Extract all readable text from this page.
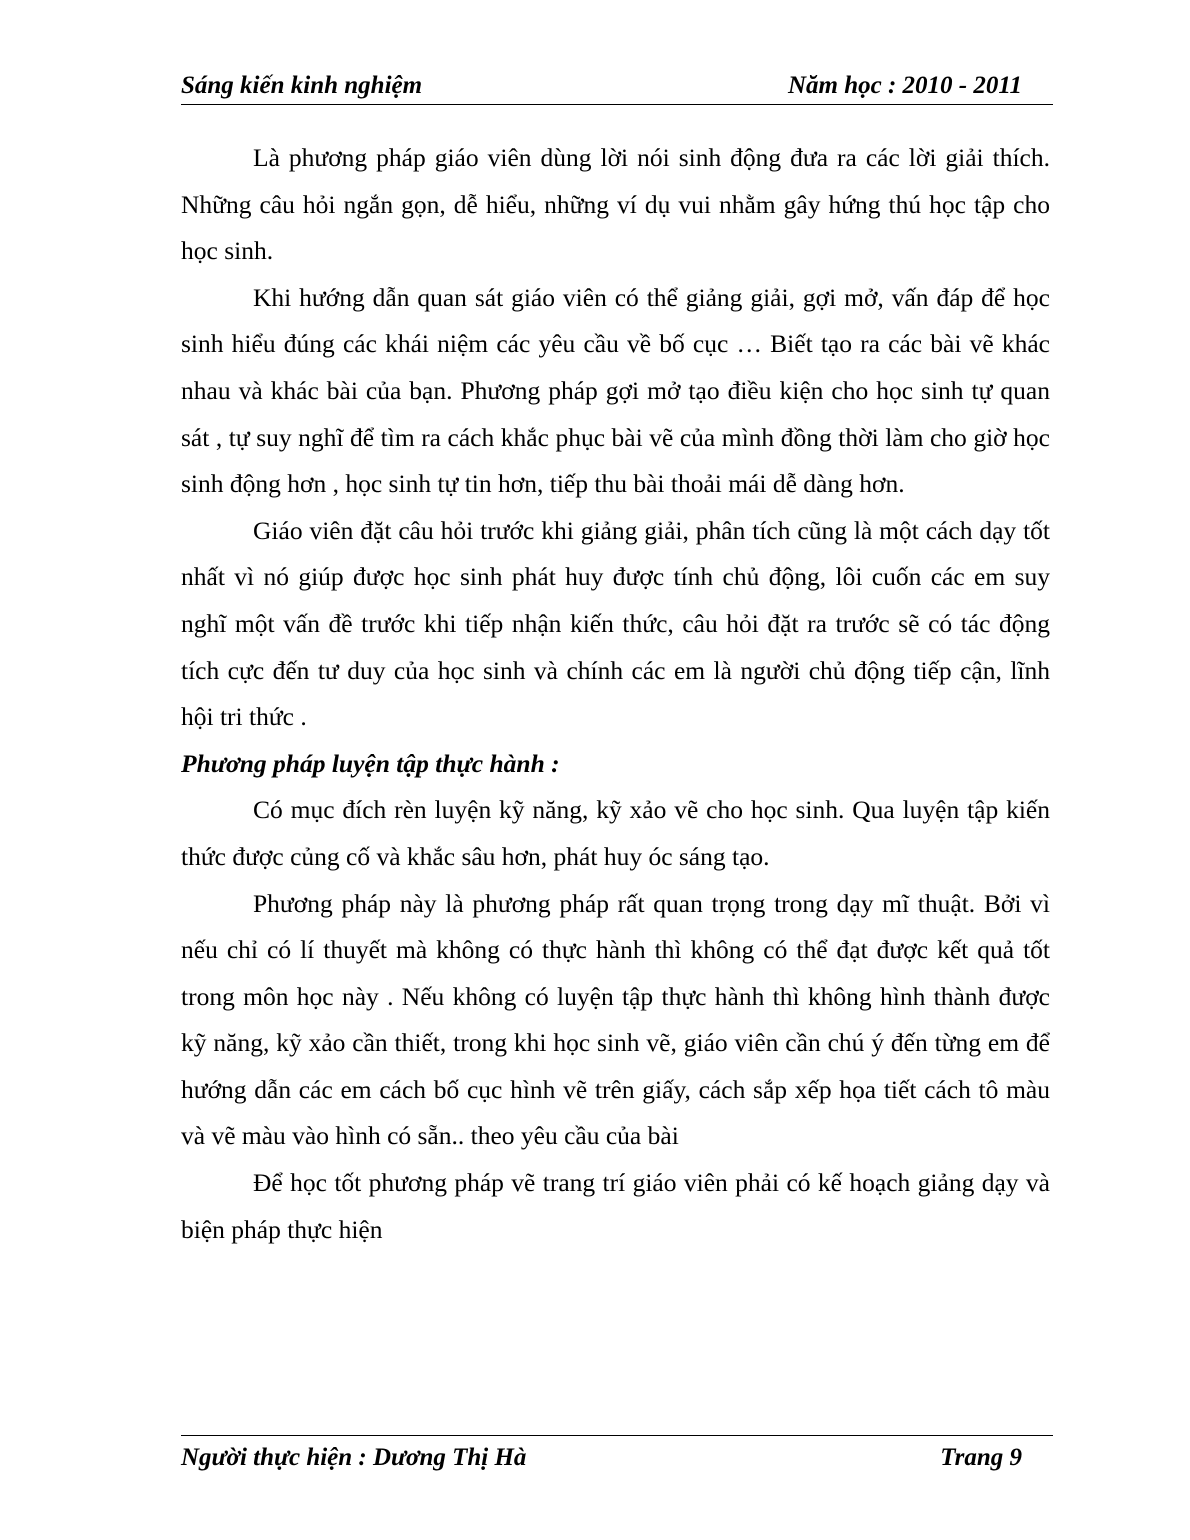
Sáng kiến kinh nghiệm	Năm học : 2010 - 2011

Là phương pháp giáo viên dùng lời nói sinh động đưa ra các lời giải thích. Những câu hỏi ngắn gọn, dễ hiểu, những ví dụ vui nhằm gây hứng thú học tập cho học sinh.

Khi hướng dẫn quan sát giáo viên có thể giảng giải, gợi mở, vấn đáp để học sinh hiểu đúng các khái niệm các yêu cầu về bố cục … Biết tạo ra các bài vẽ khác nhau và khác bài của bạn. Phương pháp gợi mở tạo điều kiện cho học sinh tự quan sát , tự suy nghĩ để tìm ra cách khắc phục bài vẽ của mình đồng thời làm cho giờ học sinh động hơn , học sinh tự tin hơn, tiếp thu bài thoải mái dễ dàng hơn.

Giáo viên đặt câu hỏi trước khi giảng giải, phân tích cũng là một cách dạy tốt nhất vì nó giúp được học sinh phát huy được tính chủ động, lôi cuốn các em suy nghĩ một vấn đề trước khi tiếp nhận kiến thức, câu hỏi đặt ra trước sẽ có tác động tích cực đến tư duy của học sinh và chính các em là người chủ động tiếp cận, lĩnh hội tri thức .

Phương pháp luyện tập thực hành :

Có mục đích rèn luyện kỹ năng, kỹ xảo vẽ cho học sinh. Qua luyện tập kiến thức được củng cố và khắc sâu hơn, phát huy óc sáng tạo.

Phương pháp này là phương pháp rất quan trọng trong dạy mĩ thuật. Bởi vì nếu chỉ có lí thuyết mà không có thực hành thì không có thể đạt được kết quả tốt trong môn học này . Nếu không có luyện tập thực hành thì không hình thành được kỹ năng, kỹ xảo cần thiết, trong khi học sinh vẽ, giáo viên cần chú ý đến từng em để hướng dẫn các em cách bố cục hình vẽ trên giấy, cách sắp xếp họa tiết cách tô màu và vẽ màu vào hình có sẵn.. theo yêu cầu của bài

Để học tốt phương pháp vẽ trang trí giáo viên phải có kế hoạch giảng dạy và biện pháp thực hiện

Người thực hiện : Dương Thị Hà	Trang 9
